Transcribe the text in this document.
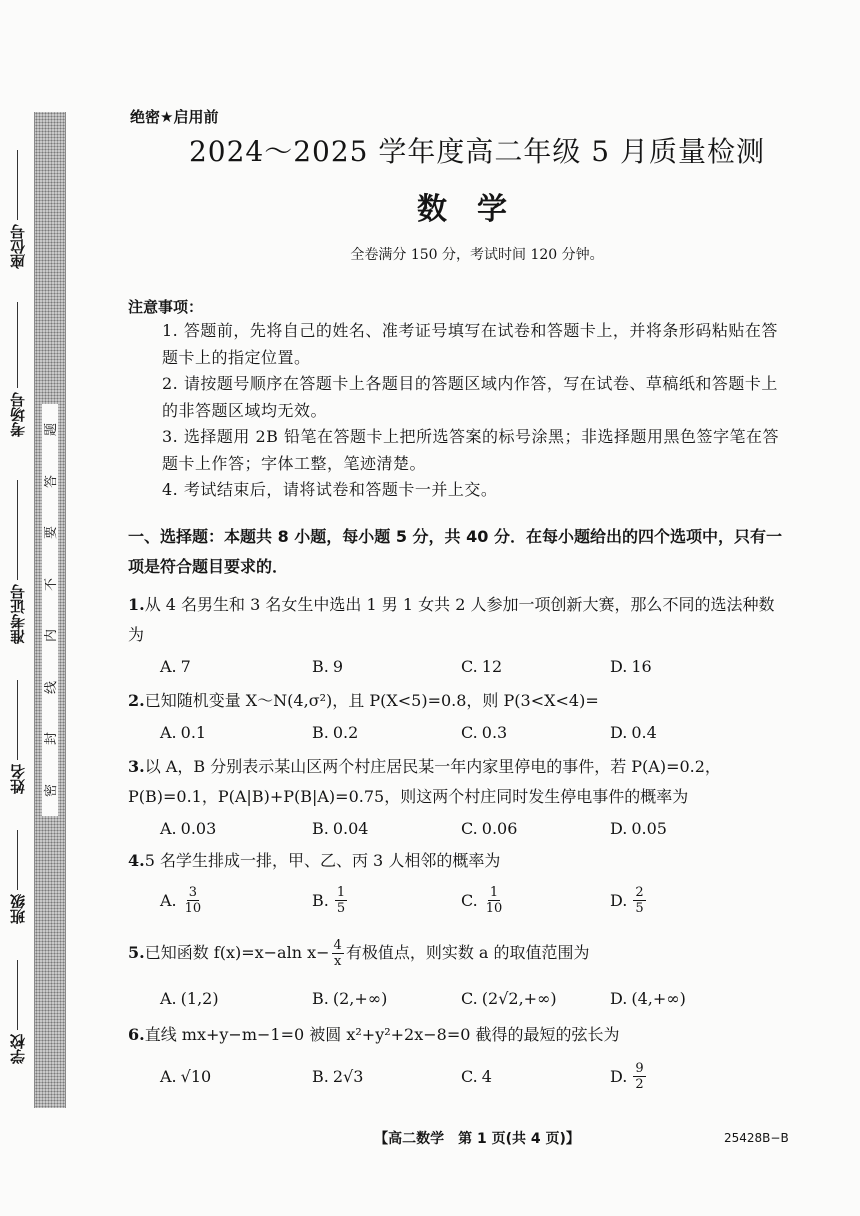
座位号
考场号
准考证号
姓名
班级
学校
题
答
要
不
内
线
封
密
绝密★启用前
2024～2025 学年度高二年级 5 月质量检测
数学
全卷满分 150 分，考试时间 120 分钟。
注意事项：
1. 答题前，先将自己的姓名、准考证号填写在试卷和答题卡上，并将条形码粘贴在答题卡上的指定位置。
2. 请按题号顺序在答题卡上各题目的答题区域内作答，写在试卷、草稿纸和答题卡上的非答题区域均无效。
3. 选择题用 2B 铅笔在答题卡上把所选答案的标号涂黑；非选择题用黑色签字笔在答题卡上作答；字体工整，笔迹清楚。
4. 考试结束后，请将试卷和答题卡一并上交。
一、选择题：本题共 8 小题，每小题 5 分，共 40 分．在每小题给出的四个选项中，只有一项是符合题目要求的．
1.从 4 名男生和 3 名女生中选出 1 男 1 女共 2 人参加一项创新大赛，那么不同的选法种数为
A. 7	B. 9	C. 12	D. 16
2.已知随机变量 X～N(4,σ²)，且 P(X<5)=0.8，则 P(3<X<4)=
A. 0.1	B. 0.2	C. 0.3	D. 0.4
3.以 A，B 分别表示某山区两个村庄居民某一年内家里停电的事件，若 P(A)=0.2，P(B)=0.1，P(A|B)+P(B|A)=0.75，则这两个村庄同时发生停电事件的概率为
A. 0.03	B. 0.04	C. 0.06	D. 0.05
4.5 名学生排成一排，甲、乙、丙 3 人相邻的概率为
A. $\frac{3}{10}$	B. $\frac{1}{5}$	C. $\frac{1}{10}$	D. $\frac{2}{5}$
5.已知函数 f(x)=x−aln $x- \frac{4}{x}$ 有极值点，则实数 a 的取值范围为
A. (1,2)	B. (2,+∞)	C. (2√2,+∞)	D. (4,+∞)
6.直线 mx+y−m−1=0 被圆 x²+y²+2x−8=0 截得的最短的弦长为
A. √10	B. 2√3	C. 4	D. $\frac{9}{2}$
【高二数学　第 1 页(共 4 页)】	25428B−B
